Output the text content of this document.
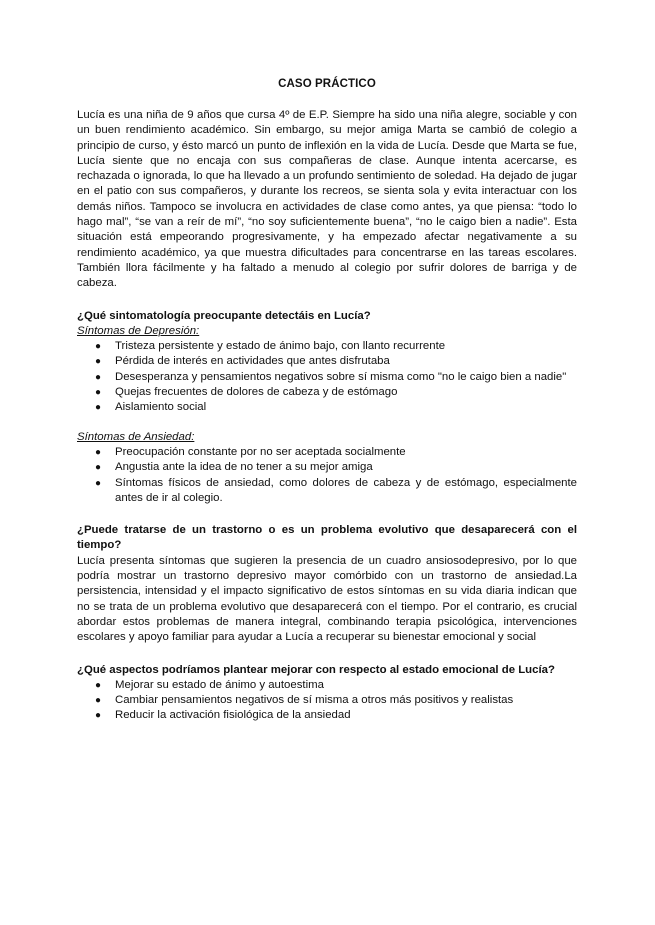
CASO PRÁCTICO

Lucía es una niña de 9 años que cursa 4º de E.P. Siempre ha sido una niña alegre, sociable y con un buen rendimiento académico. Sin embargo, su mejor amiga Marta se cambió de colegio a principio de curso, y ésto marcó un punto de inflexión en la vida de Lucía. Desde que Marta se fue, Lucía siente que no encaja con sus compañeras de clase. Aunque intenta acercarse, es rechazada o ignorada, lo que ha llevado a un profundo sentimiento de soledad. Ha dejado de jugar en el patio con sus compañeros, y durante los recreos, se sienta sola y evita interactuar con los demás niños. Tampoco se involucra en actividades de clase como antes, ya que piensa: “todo lo hago mal”, “se van a reír de mí”, “no soy suficientemente buena”, “no le caigo bien a nadie”. Esta situación está empeorando progresivamente, y ha empezado afectar negativamente a su rendimiento académico, ya que muestra dificultades para concentrarse en las tareas escolares. También llora fácilmente y ha faltado a menudo al colegio por sufrir dolores de barriga y de cabeza.

¿Qué sintomatología preocupante detectáis en Lucía?

Síntomas de Depresión:

● Tristeza persistente y estado de ánimo bajo, con llanto recurrente
● Pérdida de interés en actividades que antes disfrutaba
● Desesperanza y pensamientos negativos sobre sí misma como "no le caigo bien a nadie"
● Quejas frecuentes de dolores de cabeza y de estómago
● Aislamiento social

Síntomas de Ansiedad:

● Preocupación constante por no ser aceptada socialmente
● Angustia ante la idea de no tener a su mejor amiga
● Síntomas físicos de ansiedad, como dolores de cabeza y de estómago, especialmente antes de ir al colegio.

¿Puede tratarse de un trastorno o es un problema evolutivo que desaparecerá con el tiempo?

Lucía presenta síntomas que sugieren la presencia de un cuadro ansiosodepresivo, por lo que podría mostrar un trastorno depresivo mayor comórbido con un trastorno de ansiedad.La persistencia, intensidad y el impacto significativo de estos síntomas en su vida diaria indican que no se trata de un problema evolutivo que desaparecerá con el tiempo. Por el contrario, es crucial abordar estos problemas de manera integral, combinando terapia psicológica, intervenciones escolares y apoyo familiar para ayudar a Lucía a recuperar su bienestar emocional y social

¿Qué aspectos podríamos plantear mejorar con respecto al estado emocional de Lucía?

● Mejorar su estado de ánimo y autoestima
● Cambiar pensamientos negativos de sí misma a otros más positivos y realistas
● Reducir la activación fisiológica de la ansiedad
